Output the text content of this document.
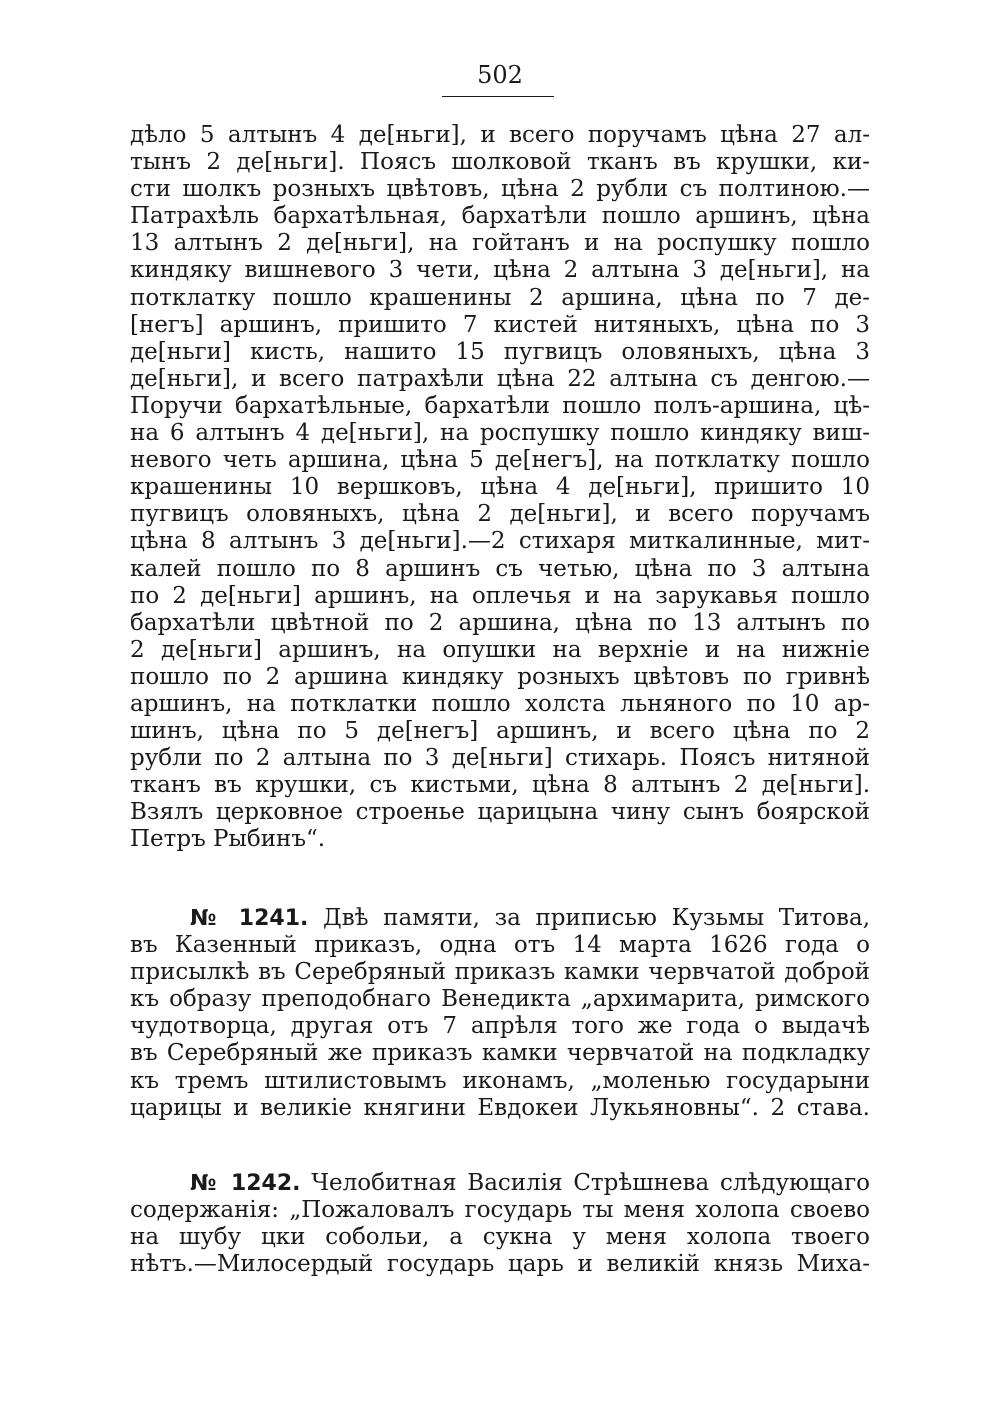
502
дѣло 5 алтынъ 4 де[ньги], и всего поручамъ цѣна 27 ал-
тынъ 2 де[ньги]. Поясъ шолковой тканъ въ крушки, ки-
сти шолкъ розныхъ цвѣтовъ, цѣна 2 рубли съ полтиною.—
Патрахѣль бархатѣльная, бархатѣли пошло аршинъ, цѣна
13 алтынъ 2 де[ньги], на гойтанъ и на роспушку пошло
киндяку вишневого 3 чети, цѣна 2 алтына 3 де[ньги], на
потклатку пошло крашенины 2 аршина, цѣна по 7 де-
[негъ] аршинъ, пришито 7 кистей нитяныхъ, цѣна по 3
де[ньги] кисть, нашито 15 пугвицъ оловяныхъ, цѣна 3
де[ньги], и всего патрахѣли цѣна 22 алтына съ денгою.—
Поручи бархатѣльные, бархатѣли пошло полъ-аршина, цѣ-
на 6 алтынъ 4 де[ньги], на роспушку пошло киндяку виш-
невого четь аршина, цѣна 5 де[негъ], на потклатку пошло
крашенины 10 вершковъ, цѣна 4 де[ньги], пришито 10
пугвицъ оловяныхъ, цѣна 2 де[ньги], и всего поручамъ
цѣна 8 алтынъ 3 де[ньги].—2 стихаря миткалинные, мит-
калей пошло по 8 аршинъ съ четью, цѣна по 3 алтына
по 2 де[ньги] аршинъ, на оплечья и на зарукавья пошло
бархатѣли цвѣтной по 2 аршина, цѣна по 13 алтынъ по
2 де[ньги] аршинъ, на опушки на верхніе и на нижніе
пошло по 2 аршина киндяку розныхъ цвѣтовъ по гривнѣ
аршинъ, на потклатки пошло холста льняного по 10 ар-
шинъ, цѣна по 5 де[негъ] аршинъ, и всего цѣна по 2
рубли по 2 алтына по 3 де[ньги] стихарь. Поясъ нитяной
тканъ въ крушки, съ кистьми, цѣна 8 алтынъ 2 де[ньги].
Взялъ церковное строенье царицына чину сынъ боярской
Петръ Рыбинъ“.
№ 1241. Двѣ памяти, за приписью Кузьмы Титова,
въ Казенный приказъ, одна отъ 14 марта 1626 года о
присылкѣ въ Серебряный приказъ камки червчатой доброй
къ образу преподобнаго Венедикта „архимарита, римского
чудотворца, другая отъ 7 апрѣля того же года о выдачѣ
въ Серебряный же приказъ камки червчатой на подкладку
къ тремъ штилистовымъ иконамъ, „моленью государыни
царицы и великіе княгини Евдокеи Лукьяновны“. 2 става.
№ 1242. Челобитная Василія Стрѣшнева слѣдующаго
содержанія: „Пожаловалъ государь ты меня холопа своево
на шубу цки собольи, а сукна у меня холопа твоего
нѣтъ.—Милосердый государь царь и великій князь Миха-
